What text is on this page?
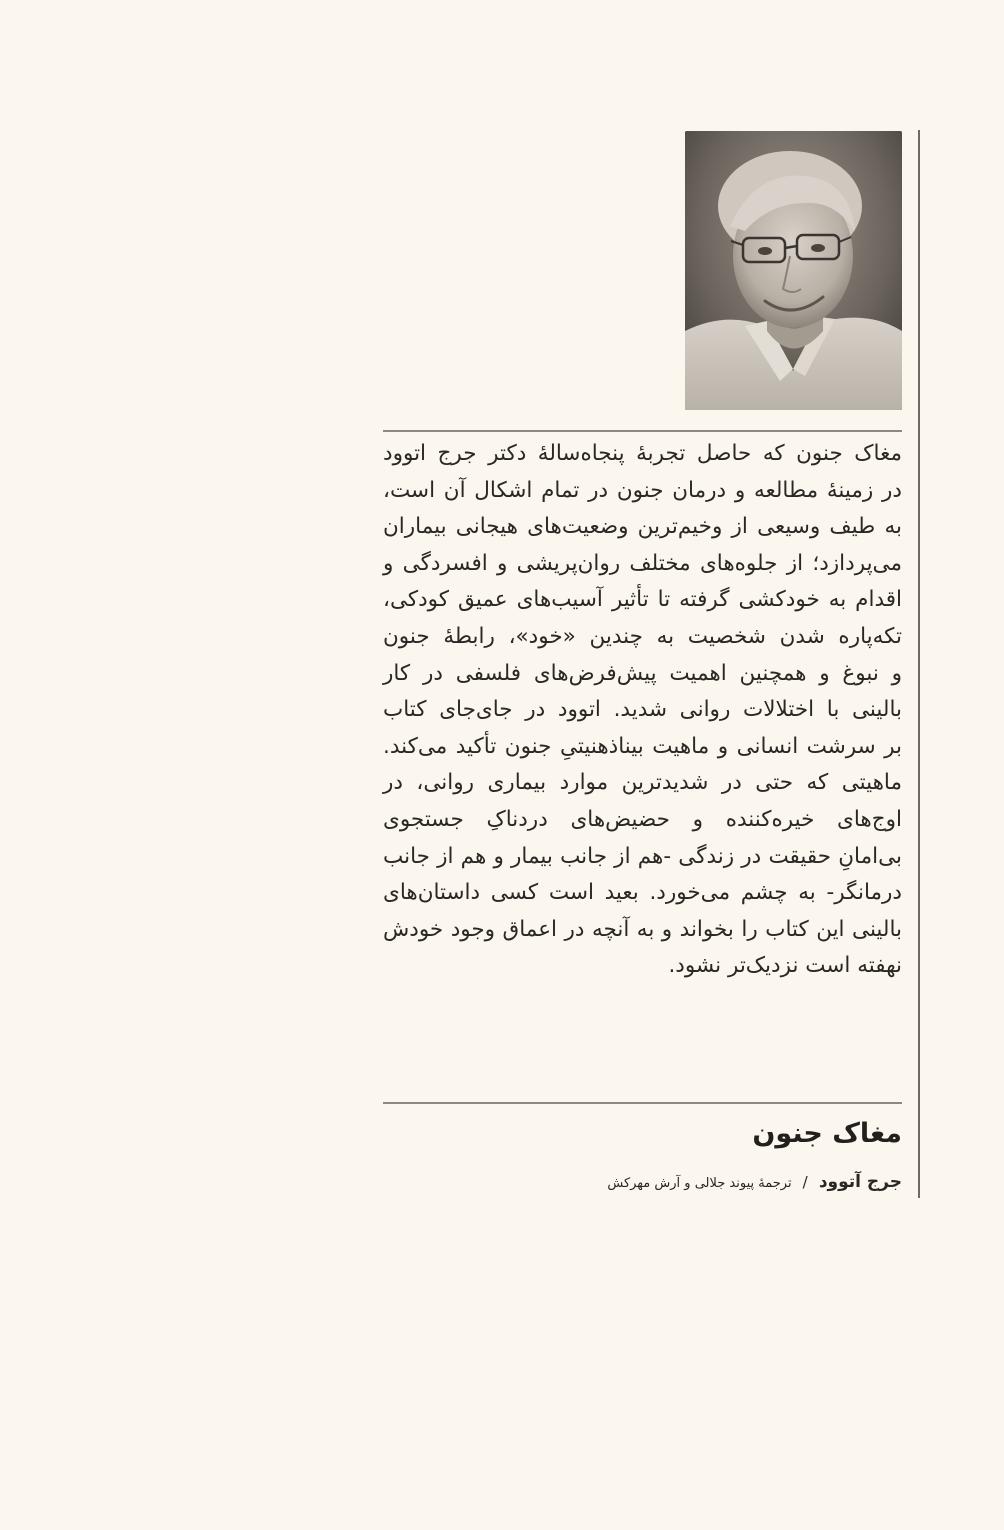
مغاک جنون که حاصل تجربهٔ پنجاه‌سالهٔ دکتر جرج اتوود
در زمینهٔ مطالعه و درمان جنون در تمام اشکال آن است،
به طیف وسیعی از وخیم‌ترین وضعیت‌های هیجانی بیماران
می‌پردازد؛ از جلوه‌های مختلف روان‌پریشی و افسردگی و
اقدام به خودکشی گرفته تا تأثیر آسیب‌های عمیق کودکی،
تکه‌پاره شدن شخصیت به چندین «خود»، رابطهٔ جنون
و نبوغ و همچنین اهمیت پیش‌فرض‌های فلسفی در کار
بالینی با اختلالات روانی شدید. اتوود در جای‌جای کتاب
بر سرشت انسانی و ماهیت بیناذهنیتیِ جنون تأکید می‌کند.
ماهیتی که حتی در شدیدترین موارد بیماری روانی، در
اوج‌های خیره‌کننده و حضیض‌های دردناکِ جستجوی
بی‌امانِ حقیقت در زندگی -هم از جانب بیمار و هم از جانب
درمانگر- به چشم می‌خورد. بعید است کسی داستان‌های
بالینی این کتاب را بخواند و به آنچه در اعماق وجود خودش
نهفته است نزدیک‌تر نشود.
مغاک جنون
جرج آتوود / ترجمهٔ پیوند جلالی و آرش مهرکش
